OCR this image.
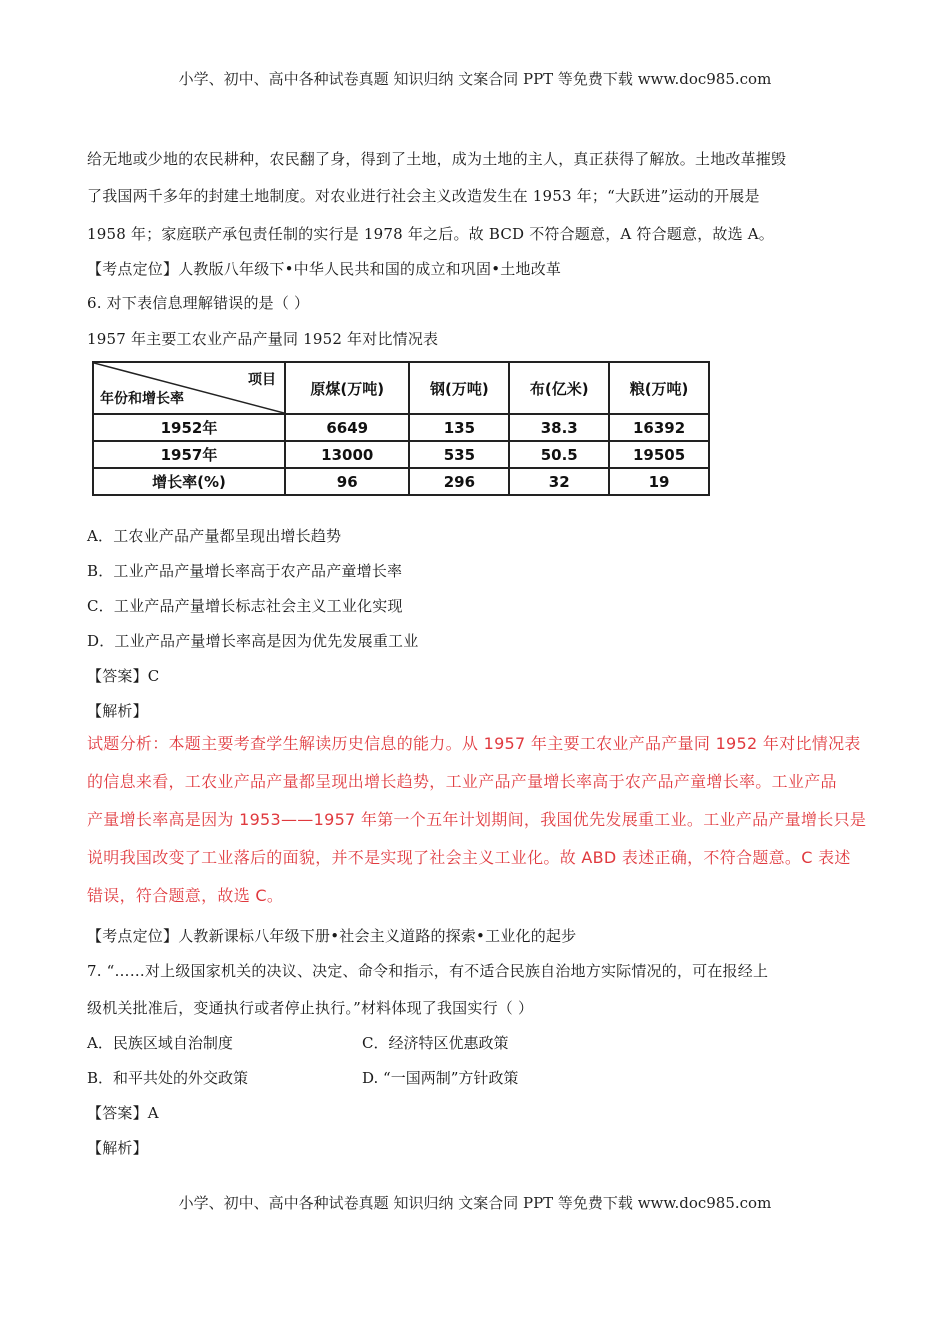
小学、初中、高中各种试卷真题 知识归纳 文案合同 PPT 等免费下载 www.doc985.com
给无地或少地的农民耕种，农民翻了身，得到了土地，成为土地的主人，真正获得了解放。土地改革摧毁
了我国两千多年的封建土地制度。对农业进行社会主义改造发生在 1953 年；“大跃进”运动的开展是
1958 年；家庭联产承包责任制的实行是 1978 年之后。故 BCD 不符合题意，A 符合题意，故选 A。
【考点定位】人教版八年级下•中华人民共和国的成立和巩固•土地改革
6. 对下表信息理解错误的是（ ）
1957 年主要工农业产品产量同 1952 年对比情况表
项目
年份和增长率	原煤(万吨)	钢(万吨)	布(亿米)	粮(万吨)
1952年	6649	135	38.3	16392
1957年	13000	535	50.5	19505
增长率(%)	96	296	32	19
A．工农业产品产量都呈现出增长趋势
B．工业产品产量增长率高于农产品产童增长率
C．工业产品产量增长标志社会主义工业化实现
D．工业产品产量增长率高是因为优先发展重工业
【答案】C
【解析】
试题分析：本题主要考查学生解读历史信息的能力。从 1957 年主要工农业产品产量同 1952 年对比情况表
的信息来看，工农业产品产量都呈现出增长趋势，工业产品产量增长率高于农产品产童增长率。工业产品
产量增长率高是因为 1953——1957 年第一个五年计划期间，我国优先发展重工业。工业产品产量增长只是
说明我国改变了工业落后的面貌，并不是实现了社会主义工业化。故 ABD 表述正确，不符合题意。C 表述
错误，符合题意，故选 C。
【考点定位】人教新课标八年级下册•社会主义道路的探索•工业化的起步
7. “……对上级国家机关的决议、决定、命令和指示，有不适合民族自治地方实际情况的，可在报经上
级机关批准后，变通执行或者停止执行。”材料体现了我国实行（ ）
A．民族区域自治制度	C．经济特区优惠政策
B．和平共处的外交政策	D. “一国两制”方针政策
【答案】A
【解析】
小学、初中、高中各种试卷真题 知识归纳 文案合同 PPT 等免费下载 www.doc985.com
